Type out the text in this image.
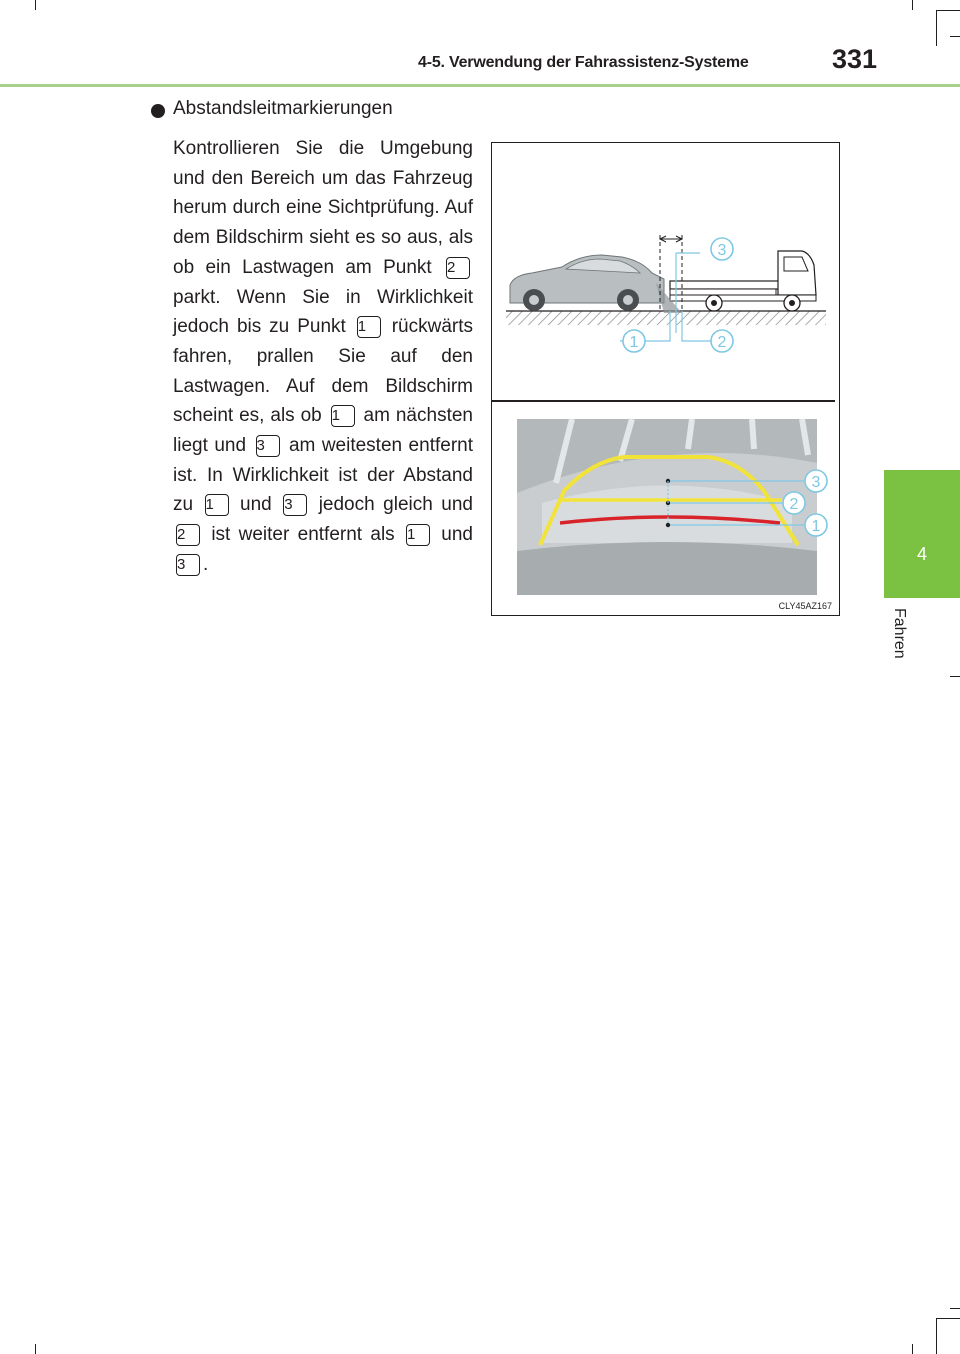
4-5. Verwendung der Fahrassistenz-Systeme	331
4
Fahren
Abstandsleitmarkierungen
Kontrollieren Sie die Umgebung und den Bereich um das Fahrzeug herum durch eine Sichtprüfung. Auf dem Bildschirm sieht es so aus, als ob ein Lastwagen am Punkt 2 parkt. Wenn Sie in Wirklichkeit jedoch bis zu Punkt 1 rückwärts fahren, prallen Sie auf den Lastwagen. Auf dem Bildschirm scheint es, als ob 1 am nächsten liegt und 3 am weitesten entfernt ist. In Wirklichkeit ist der Abstand zu 1 und 3 jedoch gleich und 2 ist weiter entfernt als 1 und 3 .
3
1	2
3
2
1
CLY45AZ167
